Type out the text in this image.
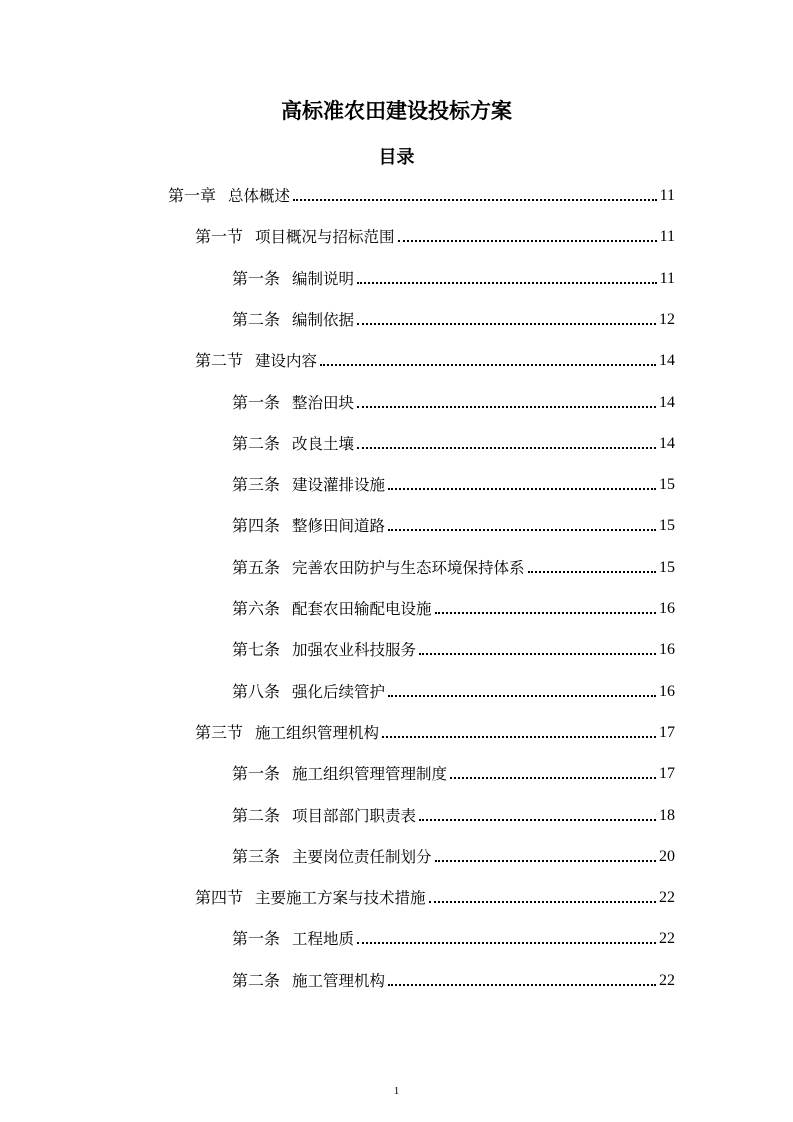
高标准农田建设投标方案
目录
第一章 总体概述	11
第一节 项目概况与招标范围	11
第一条 编制说明	11
第二条 编制依据	12
第二节 建设内容	14
第一条 整治田块	14
第二条 改良土壤	14
第三条 建设灌排设施	15
第四条 整修田间道路	15
第五条 完善农田防护与生态环境保持体系	15
第六条 配套农田输配电设施	16
第七条 加强农业科技服务	16
第八条 强化后续管护	16
第三节 施工组织管理机构	17
第一条 施工组织管理管理制度	17
第二条 项目部部门职责表	18
第三条 主要岗位责任制划分	20
第四节 主要施工方案与技术措施	22
第一条 工程地质	22
第二条 施工管理机构	22
1
